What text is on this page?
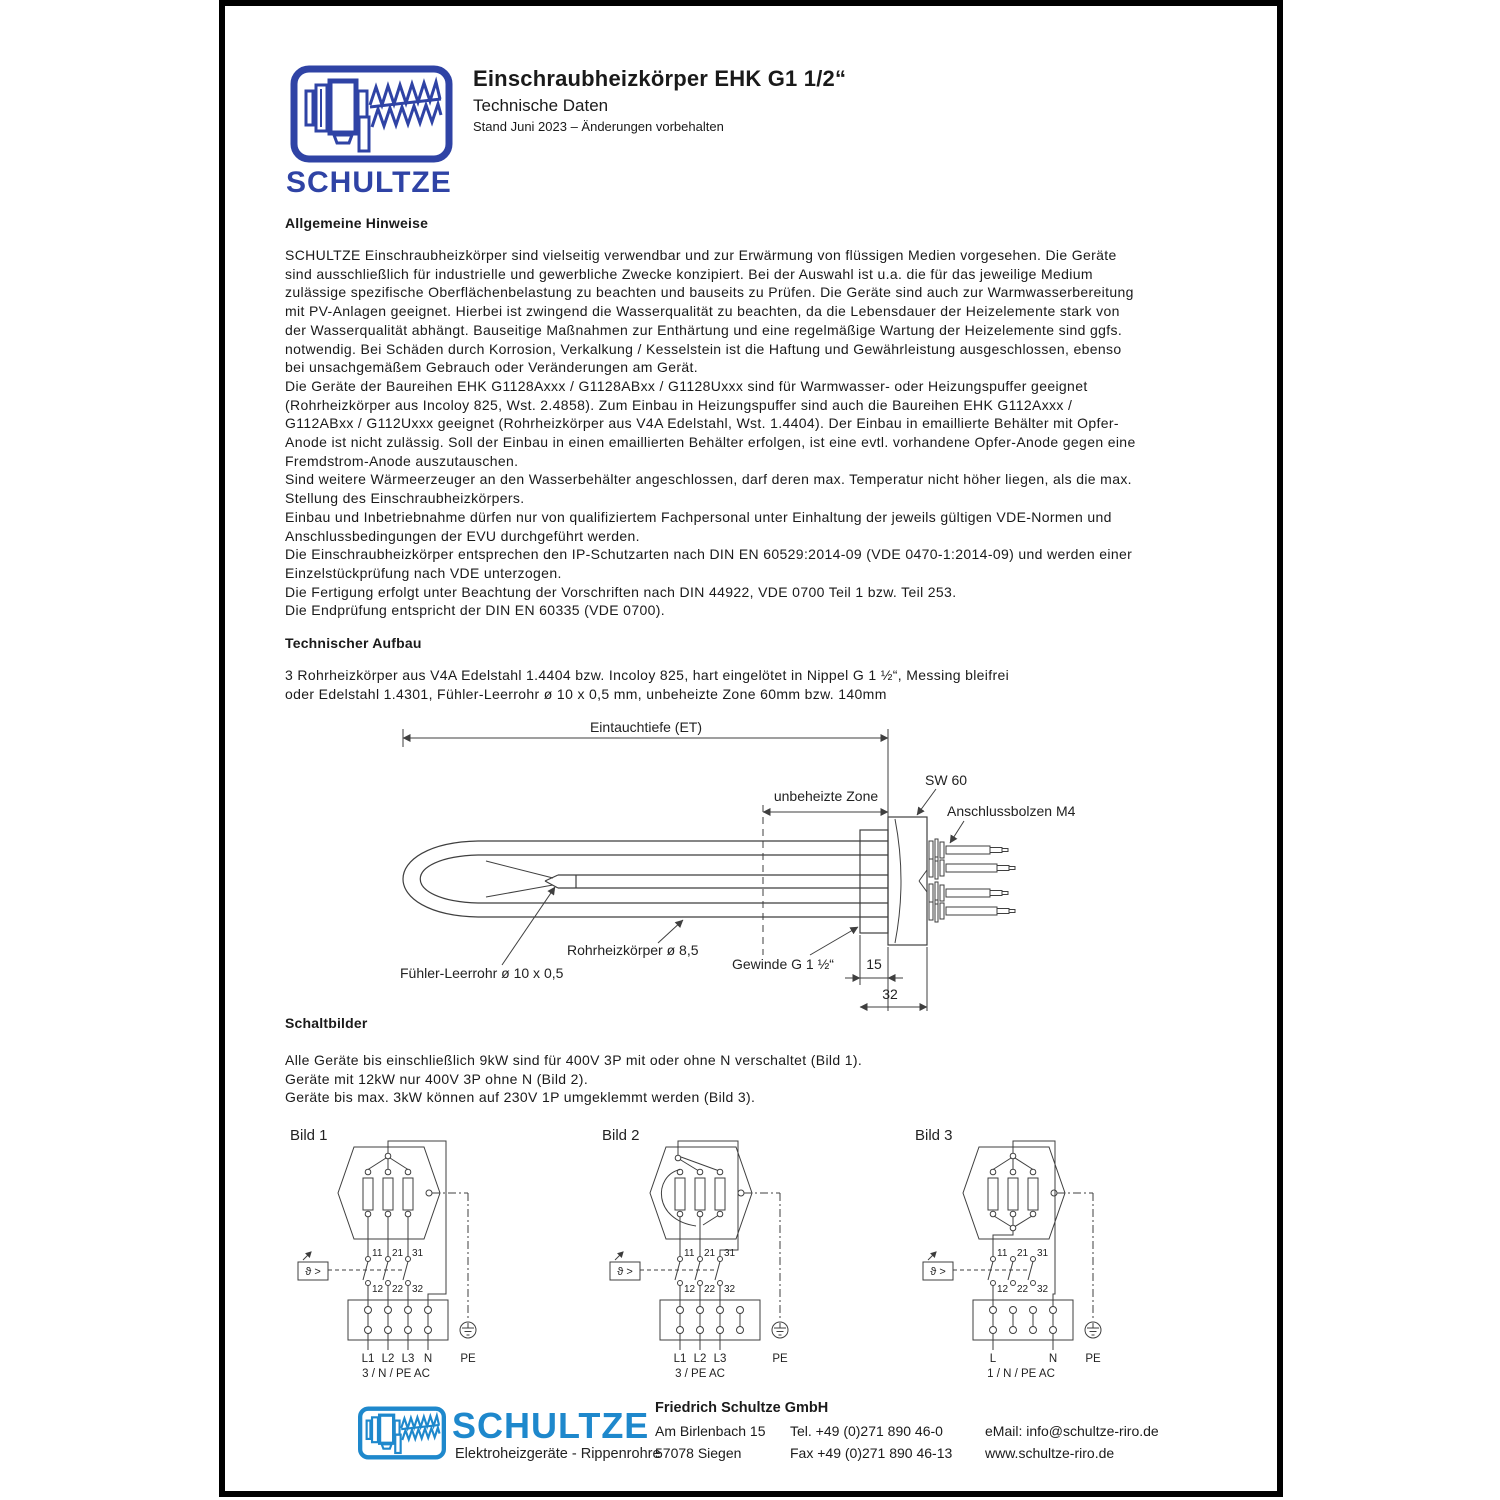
SCHULTZE
Einschraubheizkörper EHK G1 1/2“
Technische Daten
Stand Juni 2023 – Änderungen vorbehalten
Allgemeine Hinweise
SCHULTZE Einschraubheizkörper sind vielseitig verwendbar und zur Erwärmung von flüssigen Medien vorgesehen. Die Geräte
sind ausschließlich für industrielle und gewerbliche Zwecke konzipiert. Bei der Auswahl ist u.a. die für das jeweilige Medium
zulässige spezifische Oberflächenbelastung zu beachten und bauseits zu Prüfen. Die Geräte sind auch zur Warmwasserbereitung
mit PV-Anlagen geeignet. Hierbei ist zwingend die Wasserqualität zu beachten, da die Lebensdauer der Heizelemente stark von
der Wasserqualität abhängt. Bauseitige Maßnahmen zur Enthärtung und eine regelmäßige Wartung der Heizelemente sind ggfs.
notwendig. Bei Schäden durch Korrosion, Verkalkung / Kesselstein ist die Haftung und Gewährleistung ausgeschlossen, ebenso
bei unsachgemäßem Gebrauch oder Veränderungen am Gerät.
Die Geräte der Baureihen EHK G1128Axxx / G1128ABxx / G1128Uxxx sind für Warmwasser- oder Heizungspuffer geeignet
(Rohrheizkörper aus Incoloy 825, Wst. 2.4858). Zum Einbau in Heizungspuffer sind auch die Baureihen EHK G112Axxx /
G112ABxx / G112Uxxx geeignet (Rohrheizkörper aus V4A Edelstahl, Wst. 1.4404). Der Einbau in emaillierte Behälter mit Opfer-
Anode ist nicht zulässig. Soll der Einbau in einen emaillierten Behälter erfolgen, ist eine evtl. vorhandene Opfer-Anode gegen eine
Fremdstrom-Anode auszutauschen.
Sind weitere Wärmeerzeuger an den Wasserbehälter angeschlossen, darf deren max. Temperatur nicht höher liegen, als die max.
Stellung des Einschraubheizkörpers.
Einbau und Inbetriebnahme dürfen nur von qualifiziertem Fachpersonal unter Einhaltung der jeweils gültigen VDE-Normen und
Anschlussbedingungen der EVU durchgeführt werden.
Die Einschraubheizkörper entsprechen den IP-Schutzarten nach DIN EN 60529:2014-09 (VDE 0470-1:2014-09) und werden einer
Einzelstückprüfung nach VDE unterzogen.
Die Fertigung erfolgt unter Beachtung der Vorschriften nach DIN 44922, VDE 0700 Teil 1 bzw. Teil 253.
Die Endprüfung entspricht der DIN EN 60335 (VDE 0700).
Technischer Aufbau
3 Rohrheizkörper aus V4A Edelstahl 1.4404 bzw. Incoloy 825, hart eingelötet in Nippel G 1 ½“, Messing bleifrei
oder Edelstahl 1.4301, Fühler-Leerrohr ø 10 x 0,5 mm, unbeheizte Zone 60mm bzw. 140mm
Eintauchtiefe (ET)
unbeheizte Zone
SW 60
Anschlussbolzen M4
Rohrheizkörper ø 8,5
Fühler-Leerrohr ø 10 x 0,5
Gewinde G 1 ½“ 15
32
Schaltbilder
Alle Geräte bis einschließlich 9kW sind für 400V 3P mit oder ohne N verschaltet (Bild 1).
Geräte mit 12kW nur 400V 3P ohne N (Bild 2).
Geräte bis max. 3kW können auf 230V 1P umgeklemmt werden (Bild 3).
Bild 1
ϑ >
11 21 31
12 22 32
L1 L2 L3 N PE
3 / N / PE AC
Bild 2
ϑ >
11 21 31
12 22 32
L1 L2 L3	PE
3 / PE AC
Bild 3
ϑ >
11 21 31
12 22 32
L	N PE
1 / N / PE AC
SCHULTZE
Elektroheizgeräte - Rippenrohre
Friedrich Schultze GmbH
Am Birlenbach 15
57078 Siegen
Tel. +49 (0)271 890 46-0
Fax +49 (0)271 890 46-13
eMail: info@schultze-riro.de
www.schultze-riro.de
